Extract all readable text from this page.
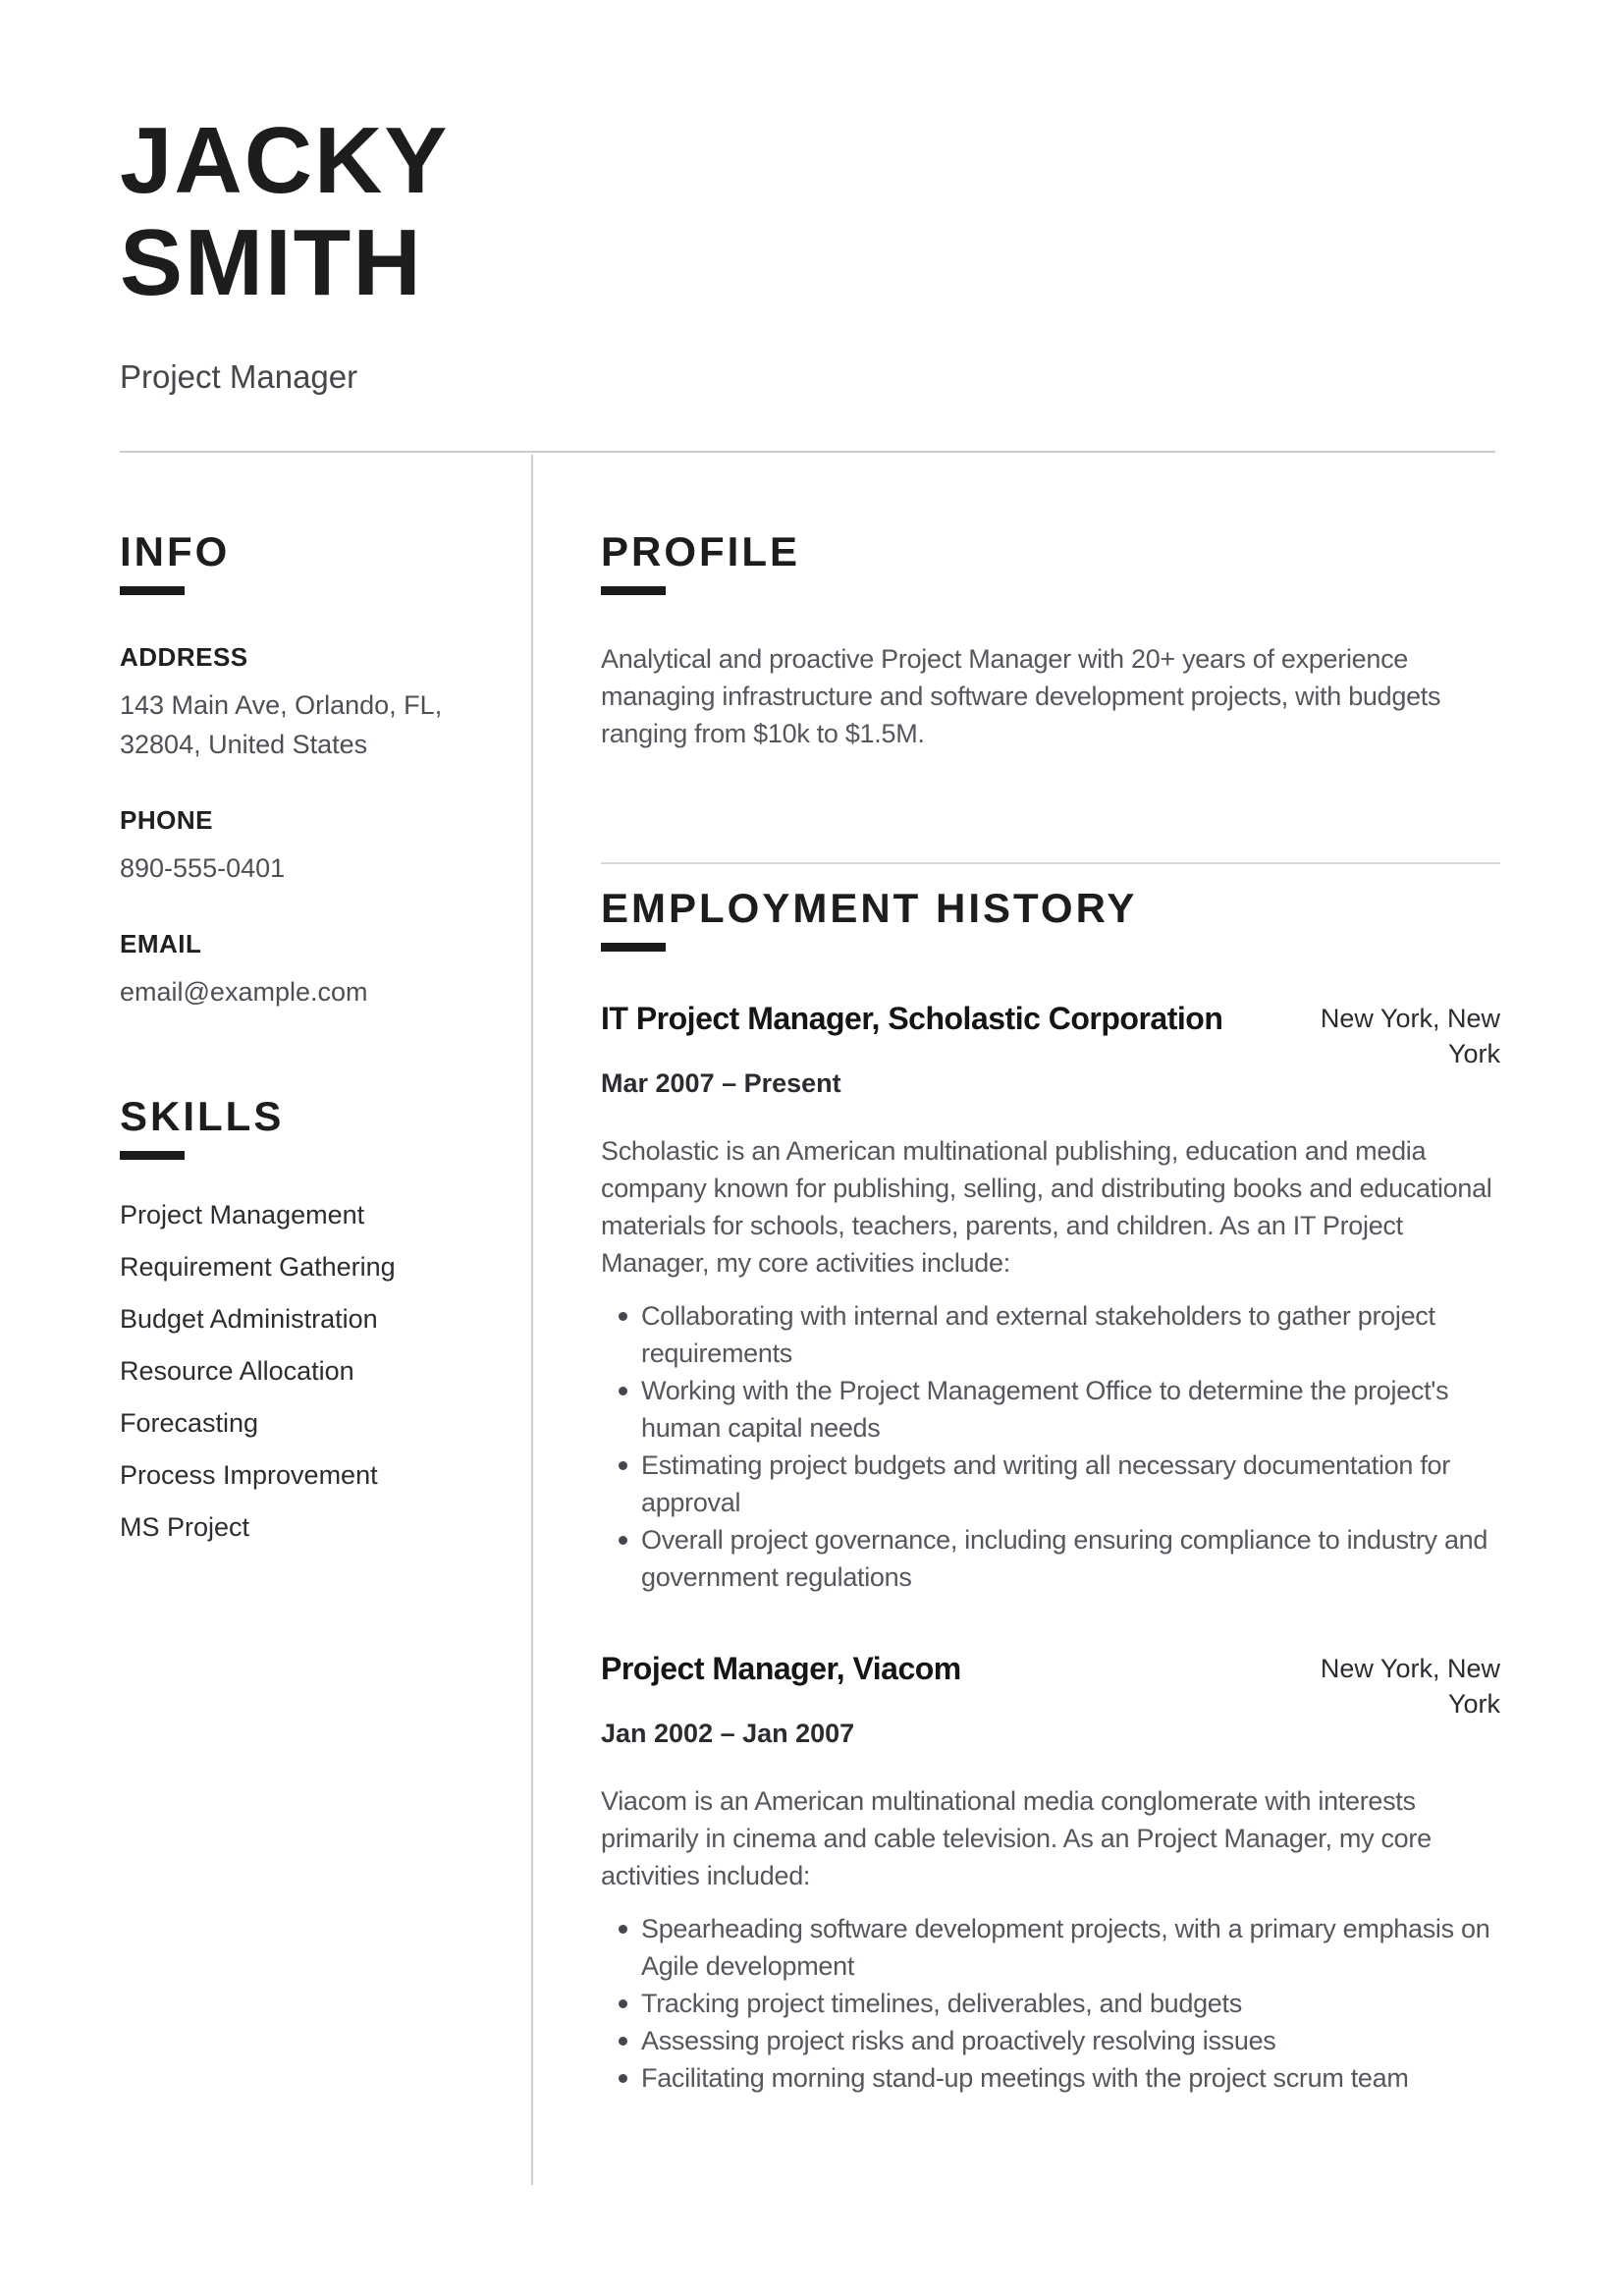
JACKY SMITH
Project Manager
INFO
ADDRESS
143 Main Ave, Orlando, FL, 32804, United States
PHONE
890-555-0401
EMAIL
email@example.com
SKILLS
Project Management
Requirement Gathering
Budget Administration
Resource Allocation
Forecasting
Process Improvement
MS Project
PROFILE

Analytical and proactive Project Manager with 20+ years of experience managing infrastructure and software development projects, with budgets ranging from $10k to $1.5M.

EMPLOYMENT HISTORY
IT Project Manager, Scholastic Corporation	New York, New York
Mar 2007 – Present

Scholastic is an American multinational publishing, education and media company known for publishing, selling, and distributing books and educational materials for schools, teachers, parents, and children. As an IT Project Manager, my core activities include:

Collaborating with internal and external stakeholders to gather project requirements
Working with the Project Management Office to determine the project's human capital needs
Estimating project budgets and writing all necessary documentation for approval
Overall project governance, including ensuring compliance to industry and government regulations
Project Manager, Viacom	New York, New York
Jan 2002 – Jan 2007

Viacom is an American multinational media conglomerate with interests primarily in cinema and cable television. As an Project Manager, my core activities included:

Spearheading software development projects, with a primary emphasis on Agile development
Tracking project timelines, deliverables, and budgets
Assessing project risks and proactively resolving issues
Facilitating morning stand-up meetings with the project scrum team
